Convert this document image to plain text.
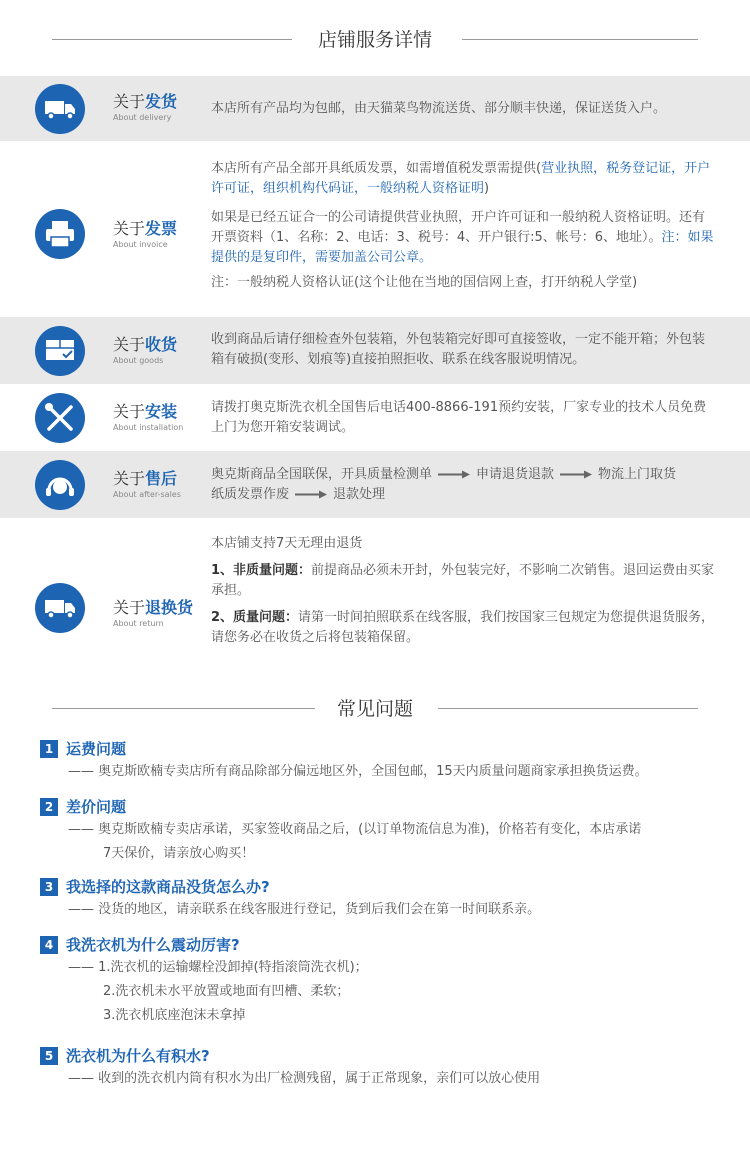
店铺服务详情
关于发货
About delivery

本店所有产品均为包邮，由天猫菜鸟物流送货、部分顺丰快递，保证送货入户。

关于发票
About invoice

本店所有产品全部开具纸质发票，如需增值税发票需提供(营业执照，税务登记证，开户许可证，组织机构代码证，一般纳税人资格证明)

如果是已经五证合一的公司请提供营业执照，开户许可证和一般纳税人资格证明。还有开票资料（1、名称：2、电话：3、税号：4、开户银行:5、帐号：6、地址）。注：如果提供的是复印件，需要加盖公司公章。

注：一般纳税人资格认证(这个让他在当地的国信网上查，打开纳税人学堂)

关于收货
About goods

收到商品后请仔细检查外包装箱，外包装箱完好即可直接签收，一定不能开箱；外包装箱有破损(变形、划痕等)直接拍照拒收、联系在线客服说明情况。

关于安装
About installation

请拨打奥克斯洗衣机全国售后电话400-8866-191预约安装，厂家专业的技术人员免费上门为您开箱安装调试。

关于售后
About after-sales

奥克斯商品全国联保，开具质量检测单	申请退货退款	物流上门取货

纸质发票作废	退款处理

关于退换货
About return

本店铺支持7天无理由退货

1、非质量问题：前提商品必须未开封，外包装完好，不影响二次销售。退回运费由买家承担。

2、质量问题：请第一时间拍照联系在线客服，我们按国家三包规定为您提供退货服务，请您务必在收货之后将包装箱保留。

常见问题
1 运费问题
—— 奥克斯欧楠专卖店所有商品除部分偏远地区外，全国包邮，15天内质量问题商家承担换货运费。
2 差价问题
—— 奥克斯欧楠专卖店承诺，买家签收商品之后，(以订单物流信息为准)，价格若有变化，本店承诺
7天保价，请亲放心购买！
3 我选择的这款商品没货怎么办?
—— 没货的地区，请亲联系在线客服进行登记，货到后我们会在第一时间联系亲。
4 我洗衣机为什么震动厉害?
—— 1.洗衣机的运输螺栓没卸掉(特指滚筒洗衣机)；
2.洗衣机未水平放置或地面有凹槽、柔软；
3.洗衣机底座泡沫未拿掉
5 洗衣机为什么有积水?
—— 收到的洗衣机内筒有积水为出厂检测残留，属于正常现象，亲们可以放心使用
